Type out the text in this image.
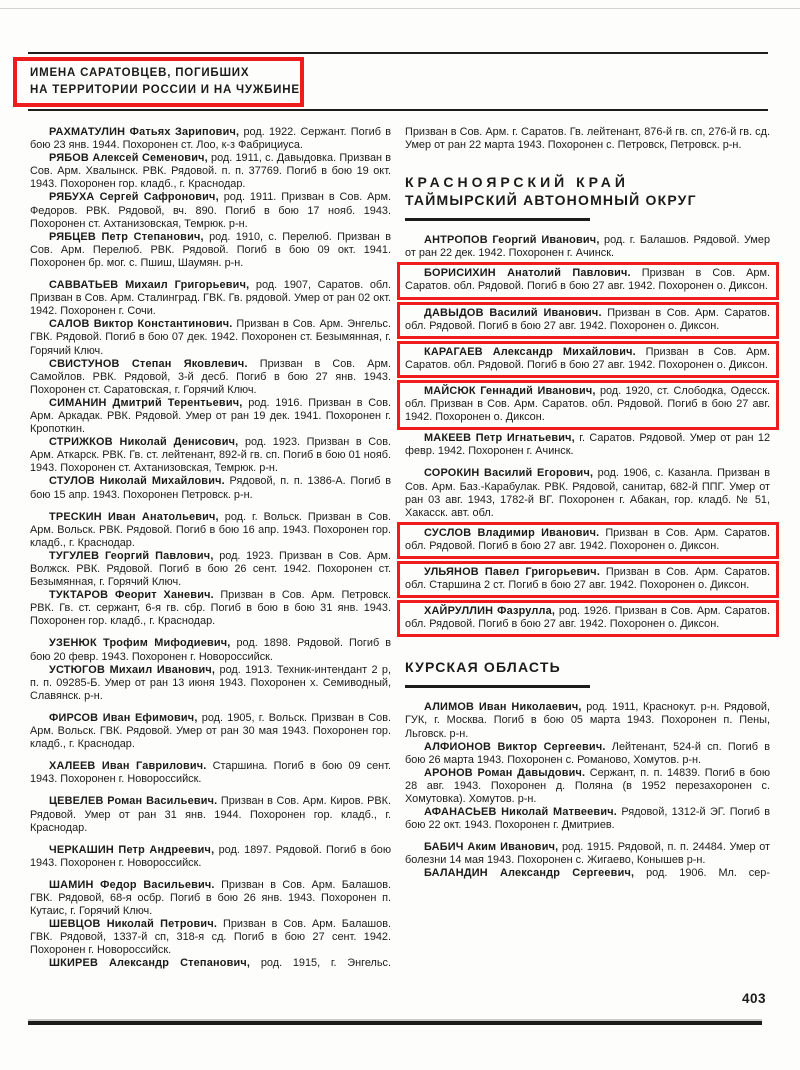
ИМЕНА САРАТОВЦЕВ, ПОГИБШИХ
НА ТЕРРИТОРИИ РОССИИ И НА ЧУЖБИНЕ

РАХМАТУЛИН Фатьях Зарипович, род. 1922. Сержант. Погиб в бою 23 янв. 1944. Похоронен ст. Лоо, к-з Фабрициуса.

РЯБОВ Алексей Семенович, род. 1911, с. Давыдовка. Призван в Сов. Арм. Хвалынск. РВК. Рядовой. п. п. 37769. Погиб в бою 19 окт. 1943. Похоронен гор. кладб., г. Краснодар.

РЯБУХА Сергей Сафронович, род. 1911. Призван в Сов. Арм. Федоров. РВК. Рядовой, вч. 890. Погиб в бою 17 нояб. 1943. Похоронен ст. Ахтанизовская, Темрюк. р-н.

РЯБЦЕВ Петр Степанович, род. 1910, с. Перелюб. Призван в Сов. Арм. Перелюб. РВК. Рядовой. Погиб в бою 09 окт. 1941. Похоронен бр. мог. с. Пшиш, Шаумян. р-н.

САВВАТЬЕВ Михаил Григорьевич, род. 1907, Саратов. обл. Призван в Сов. Арм. Сталинград. ГВК. Гв. рядовой. Умер от ран 02 окт. 1942. Похоронен г. Сочи.

САЛОВ Виктор Константинович. Призван в Сов. Арм. Энгельс. ГВК. Рядовой. Погиб в бою 07 дек. 1942. Похоронен ст. Безымянная, г. Горячий Ключ.

СВИСТУНОВ Степан Яковлевич. Призван в Сов. Арм. Самойлов. РВК. Рядовой, 3-й десб. Погиб в бою 27 янв. 1943. Похоронен ст. Саратовская, г. Горячий Ключ.

СИМАНИН Дмитрий Терентьевич, род. 1916. Призван в Сов. Арм. Аркадак. РВК. Рядовой. Умер от ран 19 дек. 1941. Похоронен г. Кропоткин.

СТРИЖКОВ Николай Денисович, род. 1923. Призван в Сов. Арм. Аткарск. РВК. Гв. ст. лейтенант, 892-й гв. сп. Погиб в бою 01 нояб. 1943. Похоронен ст. Ахтанизовская, Темрюк. р-н.

СТУЛОВ Николай Михайлович. Рядовой, п. п. 1386-А. Погиб в бою 15 апр. 1943. Похоронен Петровск. р-н.

ТРЕСКИН Иван Анатольевич, род. г. Вольск. Призван в Сов. Арм. Вольск. РВК. Рядовой. Погиб в бою 16 апр. 1943. Похоронен гор. кладб., г. Краснодар.

ТУГУЛЕВ Георгий Павлович, род. 1923. Призван в Сов. Арм. Волжск. РВК. Рядовой. Погиб в бою 26 сент. 1942. Похоронен ст. Безымянная, г. Горячий Ключ.

ТУКТАРОВ Феорит Ханевич. Призван в Сов. Арм. Петровск. РВК. Гв. ст. сержант, 6-я гв. сбр. Погиб в бою в бою 31 янв. 1943. Похоронен гор. кладб., г. Краснодар.

УЗЕНЮК Трофим Мифодиевич, род. 1898. Рядовой. Погиб в бою 20 февр. 1943. Похоронен г. Новороссийск.

УСТЮГОВ Михаил Иванович, род. 1913. Техник-интендант 2 р, п. п. 09285-Б. Умер от ран 13 июня 1943. Похоронен х. Семиводный, Славянск. р-н.

ФИРСОВ Иван Ефимович, род. 1905, г. Вольск. Призван в Сов. Арм. Вольск. ГВК. Рядовой. Умер от ран 30 мая 1943. Похоронен гор. кладб., г. Краснодар.

ХАЛЕЕВ Иван Гаврилович. Старшина. Погиб в бою 09 сент. 1943. Похоронен г. Новороссийск.

ЦЕВЕЛЕВ Роман Васильевич. Призван в Сов. Арм. Киров. РВК. Рядовой. Умер от ран 31 янв. 1944. Похоронен гор. кладб., г. Краснодар.

ЧЕРКАШИН Петр Андреевич, род. 1897. Рядовой. Погиб в бою 1943. Похоронен г. Новороссийск.

ШАМИН Федор Васильевич. Призван в Сов. Арм. Балашов. ГВК. Рядовой, 68-я осбр. Погиб в бою 26 янв. 1943. Похоронен п. Кутаис, г. Горячий Ключ.

ШЕВЦОВ Николай Петрович. Призван в Сов. Арм. Балашов. ГВК. Рядовой, 1337-й сп, 318-я сд. Погиб в бою 27 сент. 1942. Похоронен г. Новороссийск.

ШКИРЕВ Александр Степанович, род. 1915, г. Энгельс.

Призван в Сов. Арм. г. Саратов. Гв. лейтенант, 876-й гв. сп, 276-й гв. сд. Умер от ран 22 марта 1943. Похоронен с. Петровск, Петровск. р-н.

КРАСНОЯРСКИЙ КРАЙ
ТАЙМЫРСКИЙ АВТОНОМНЫЙ ОКРУГ

АНТРОПОВ Георгий Иванович, род. г. Балашов. Рядовой. Умер от ран 22 дек. 1942. Похоронен г. Ачинск.

БОРИСИХИН Анатолий Павлович. Призван в Сов. Арм. Саратов. обл. Рядовой. Погиб в бою 27 авг. 1942. Похоронен о. Диксон.

ДАВЫДОВ Василий Иванович. Призван в Сов. Арм. Саратов. обл. Рядовой. Погиб в бою 27 авг. 1942. Похоронен о. Диксон.

КАРАГАЕВ Александр Михайлович. Призван в Сов. Арм. Саратов. обл. Рядовой. Погиб в бою 27 авг. 1942. Похоронен о. Диксон.

МАЙСЮК Геннадий Иванович, род. 1920, ст. Слободка, Одесск. обл. Призван в Сов. Арм. Саратов. обл. Рядовой. Погиб в бою 27 авг. 1942. Похоронен о. Диксон.

МАКЕЕВ Петр Игнатьевич, г. Саратов. Рядовой. Умер от ран 12 февр. 1942. Похоронен г. Ачинск.

СОРОКИН Василий Егорович, род. 1906, с. Казанла. Призван в Сов. Арм. Баз.-Карабулак. РВК. Рядовой, санитар, 682-й ППГ. Умер от ран 03 авг. 1943, 1782-й ВГ. Похоронен г. Абакан, гор. кладб. № 51, Хакасск. авт. обл.

СУСЛОВ Владимир Иванович. Призван в Сов. Арм. Саратов. обл. Рядовой. Погиб в бою 27 авг. 1942. Похоронен о. Диксон.

УЛЬЯНОВ Павел Григорьевич. Призван в Сов. Арм. Саратов. обл. Старшина 2 ст. Погиб в бою 27 авг. 1942. Похоронен о. Диксон.

ХАЙРУЛЛИН Фазрулла, род. 1926. Призван в Сов. Арм. Саратов. обл. Рядовой. Погиб в бою 27 авг. 1942. Похоронен о. Диксон.

КУРСКАЯ ОБЛАСТЬ

АЛИМОВ Иван Николаевич, род. 1911, Краснокут. р-н. Рядовой, ГУК, г. Москва. Погиб в бою 05 марта 1943. Похоронен п. Пены, Льговск. р-н.

АЛФИОНОВ Виктор Сергеевич. Лейтенант, 524-й сп. Погиб в бою 26 марта 1943. Похоронен с. Романово, Хомутов. р-н.

АРОНОВ Роман Давыдович. Сержант, п. п. 14839. Погиб в бою 28 авг. 1943. Похоронен д. Поляна (в 1952 перезахоронен с. Хомутовка). Хомутов. р-н.

АФАНАСЬЕВ Николай Матвеевич. Рядовой, 1312-й ЭГ. Погиб в бою 22 окт. 1943. Похоронен г. Дмитриев.

БАБИЧ Аким Иванович, род. 1915. Рядовой, п. п. 24484. Умер от болезни 14 мая 1943. Похоронен с. Жигаево, Конышев р-н.

БАЛАНДИН Александр Сергеевич, род. 1906. Мл. сер-

403
